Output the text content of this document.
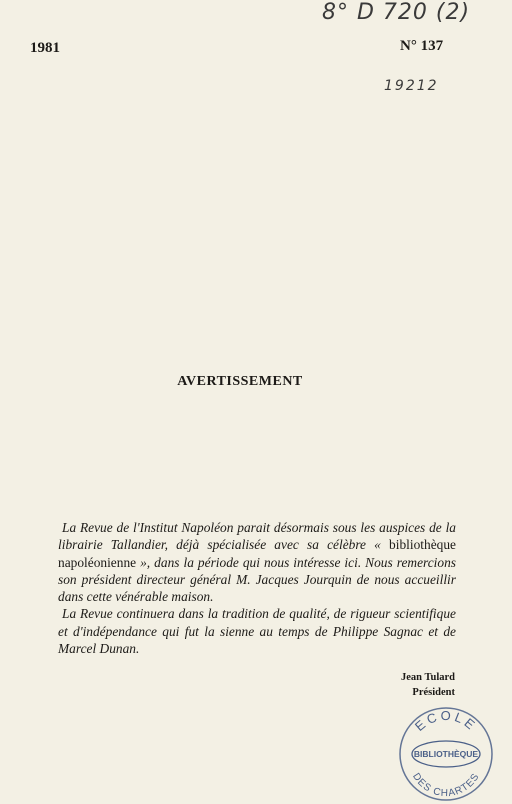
8° D 720 (2)
19212
1981	N° 137
AVERTISSEMENT

La Revue de l'Institut Napoléon parait désormais sous les auspices de la librairie Tallandier, déjà spécialisée avec sa célèbre « bibliothèque napoléonienne », dans la période qui nous intéresse ici. Nous remercions son président directeur général M. Jacques Jourquin de nous accueillir dans cette vénérable maison.

La Revue continuera dans la tradition de qualité, de rigueur scientifique et d'indépendance qui fut la sienne au temps de Philippe Sagnac et de Marcel Dunan.

Jean Tulard
Président
ECOLE
BIBLIOTHÈQUE
DES CHARTES
